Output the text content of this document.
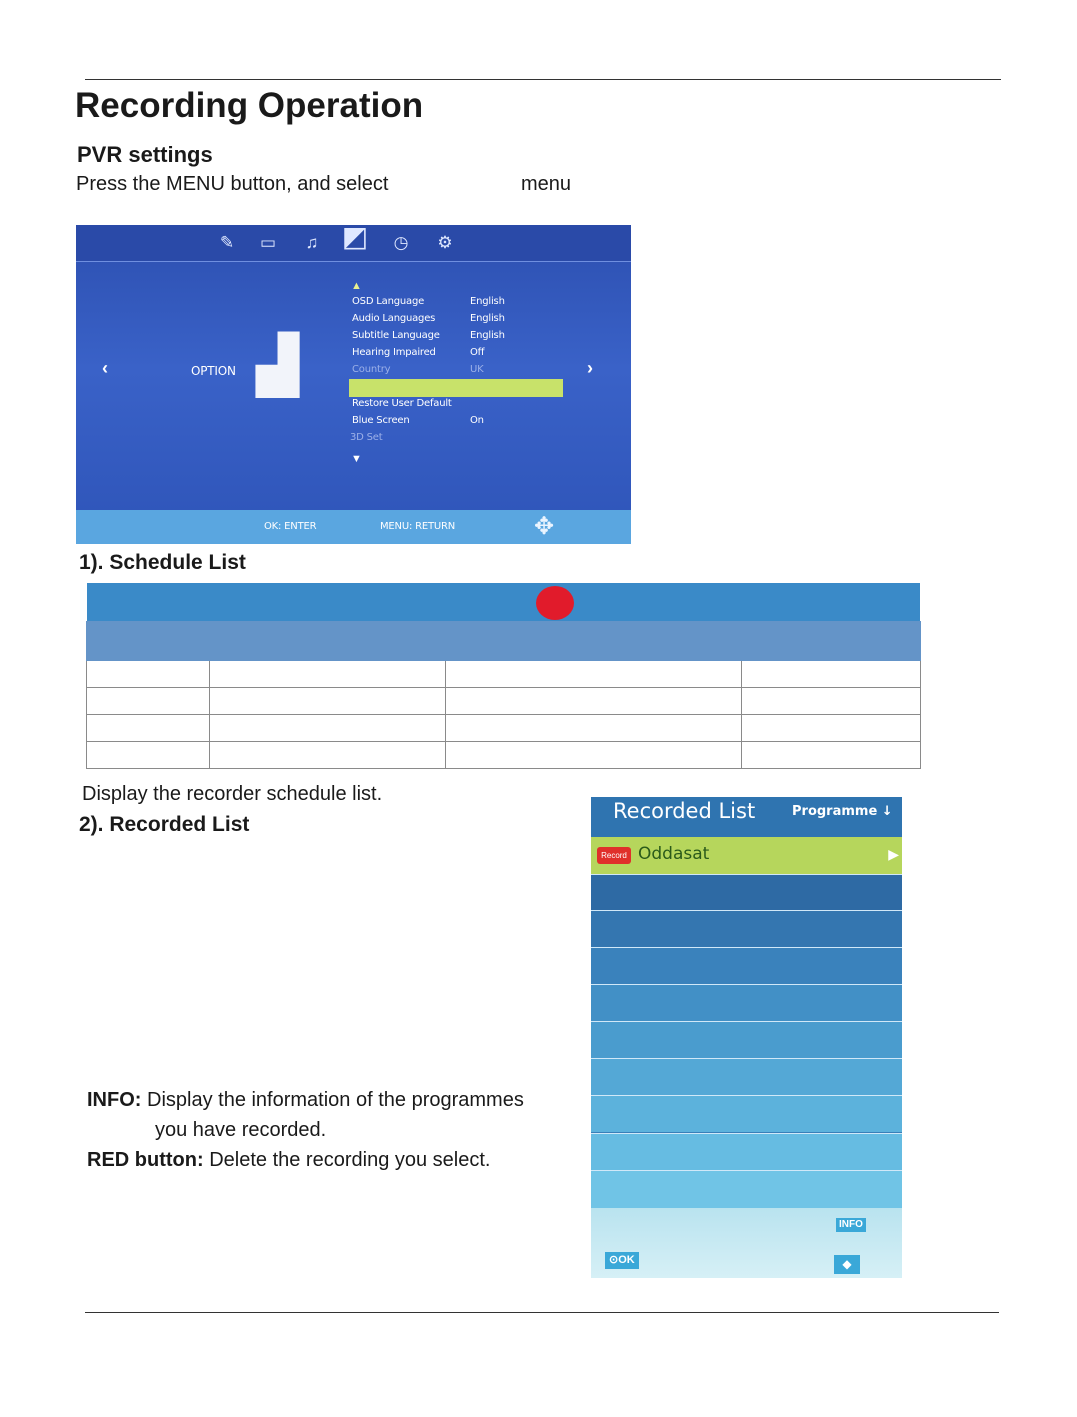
Recording Operation
PVR settings
Press the MENU button, and select	menu
✎ ▭ ♫ ◩ ◷ ⚙
‹	›
OPTION ▟
▲
OSD Language	English
Audio Languages	English
Subtitle Language	English
Hearing Impaired	Off
Country	UK
Restore User Default
Blue Screen	On
3D Set
▼
OK: ENTER	MENU: RETURN	✥
1). Schedule List

Display the recorder schedule list.
2). Recorded List
Recorded List	Programme ↓
Record Oddasat	▶
INFO
⊙OK	◆
INFO: Display the information of the programmes
you have recorded.
RED button: Delete the recording you select.
